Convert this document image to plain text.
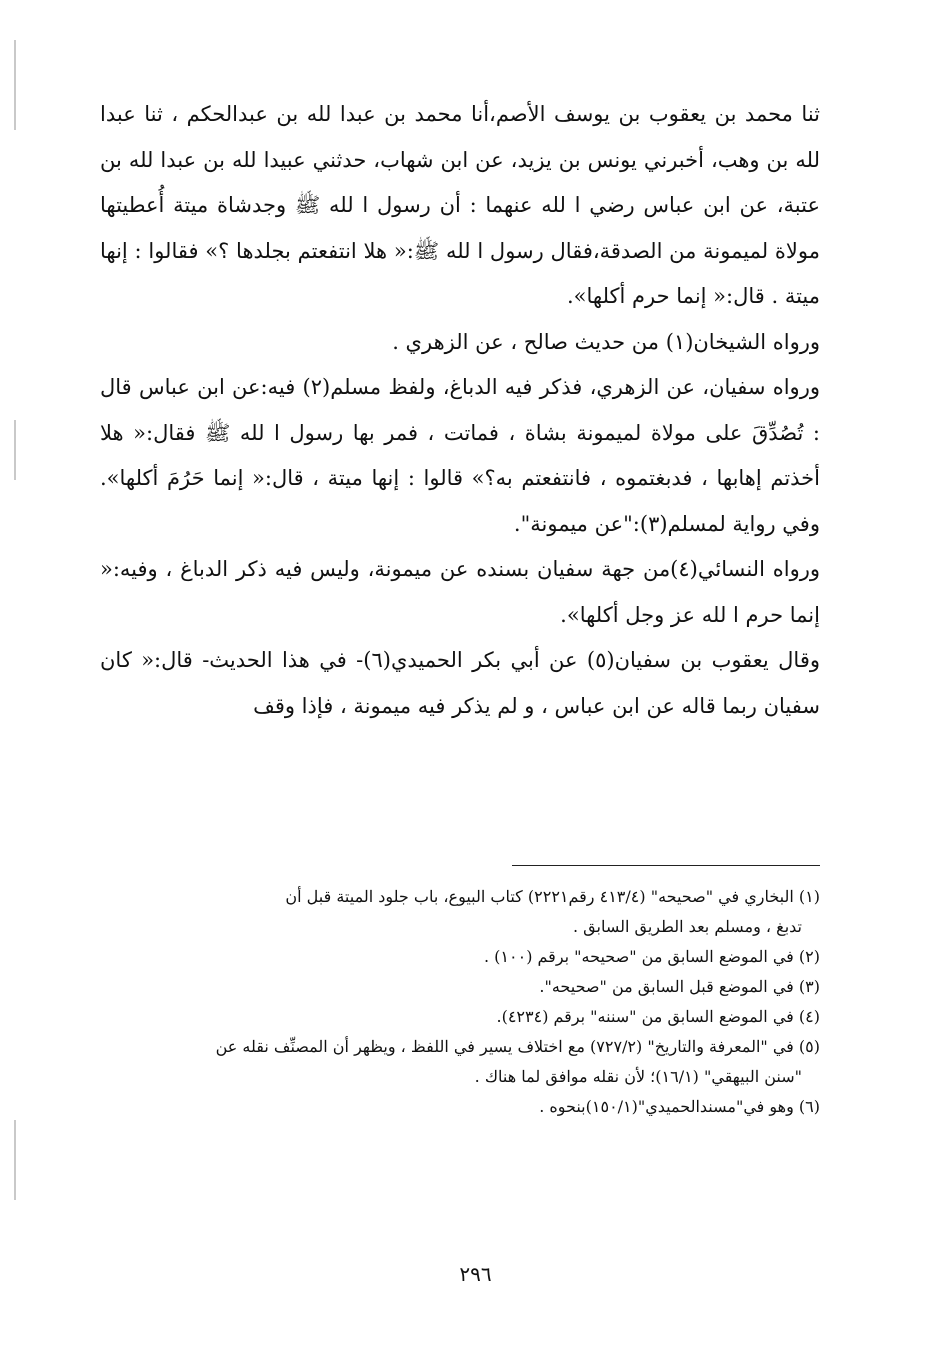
ثنا محمد بن يعقوب بن يوسف الأصم،أنا محمد بن عبدا لله بن عبدالحكم ، ثنا عبدا لله بن وهب، أخبرني يونس بن يزيد، عن ابن شهاب، حدثني عبيدا لله بن عبدا لله بن عتبة، عن ابن عباس رضي ا لله عنهما : أن رسول ا لله ﷺ وجدشاة ميتة أُعطيتها مولاة لميمونة من الصدقة،فقال رسول ا لله ﷺ:« هلا انتفعتم بجلدها ؟» فقالوا : إنها ميتة . قال:« إنما حرم أكلها».

ورواه الشيخان(١) من حديث صالح ، عن الزهري .

ورواه سفيان، عن الزهري، فذكر فيه الدباغ، ولفظ مسلم(٢) فيه:عن ابن عباس قال : تُصُدِّقَ على مولاة لميمونة بشاة ، فماتت ، فمر بها رسول ا لله ﷺ فقال:« هلا أخذتم إهابها ، فدبغتموه ، فانتفعتم به؟» قالوا : إنها ميتة ، قال:« إنما حَرُمَ أكلها». وفي رواية لمسلم(٣):"عن ميمونة".

ورواه النسائي(٤)من جهة سفيان بسنده عن ميمونة، وليس فيه ذكر الدباغ ، وفيه:« إنما حرم ا لله عز وجل أكلها».

وقال يعقوب بن سفيان(٥) عن أبي بكر الحميدي(٦)- في هذا الحديث- قال:« كان سفيان ربما قاله عن ابن عباس ، و لم يذكر فيه ميمونة ، فإذا وقف

(١) البخاري في "صحيحه" (٤١٣/٤ رقم٢٢٢١) كتاب البيوع، باب جلود الميتة قبل أن

تدبغ ، ومسلم بعد الطريق السابق .

(٢) في الموضع السابق من "صحيحه" برقم (١٠٠) .

(٣) في الموضع قبل السابق من "صحيحه".

(٤) في الموضع السابق من "سننه" برقم (٤٢٣٤).

(٥) في "المعرفة والتاريخ" (٧٢٧/٢) مع اختلاف يسير في اللفظ ، ويظهر أن المصنِّف نقله عن

"سنن البيهقي" (١٦/١)؛ لأن نقله موافق لما هناك .

(٦) وهو في"مسندالحميدي"(١٥٠/١)بنحوه .

٢٩٦
